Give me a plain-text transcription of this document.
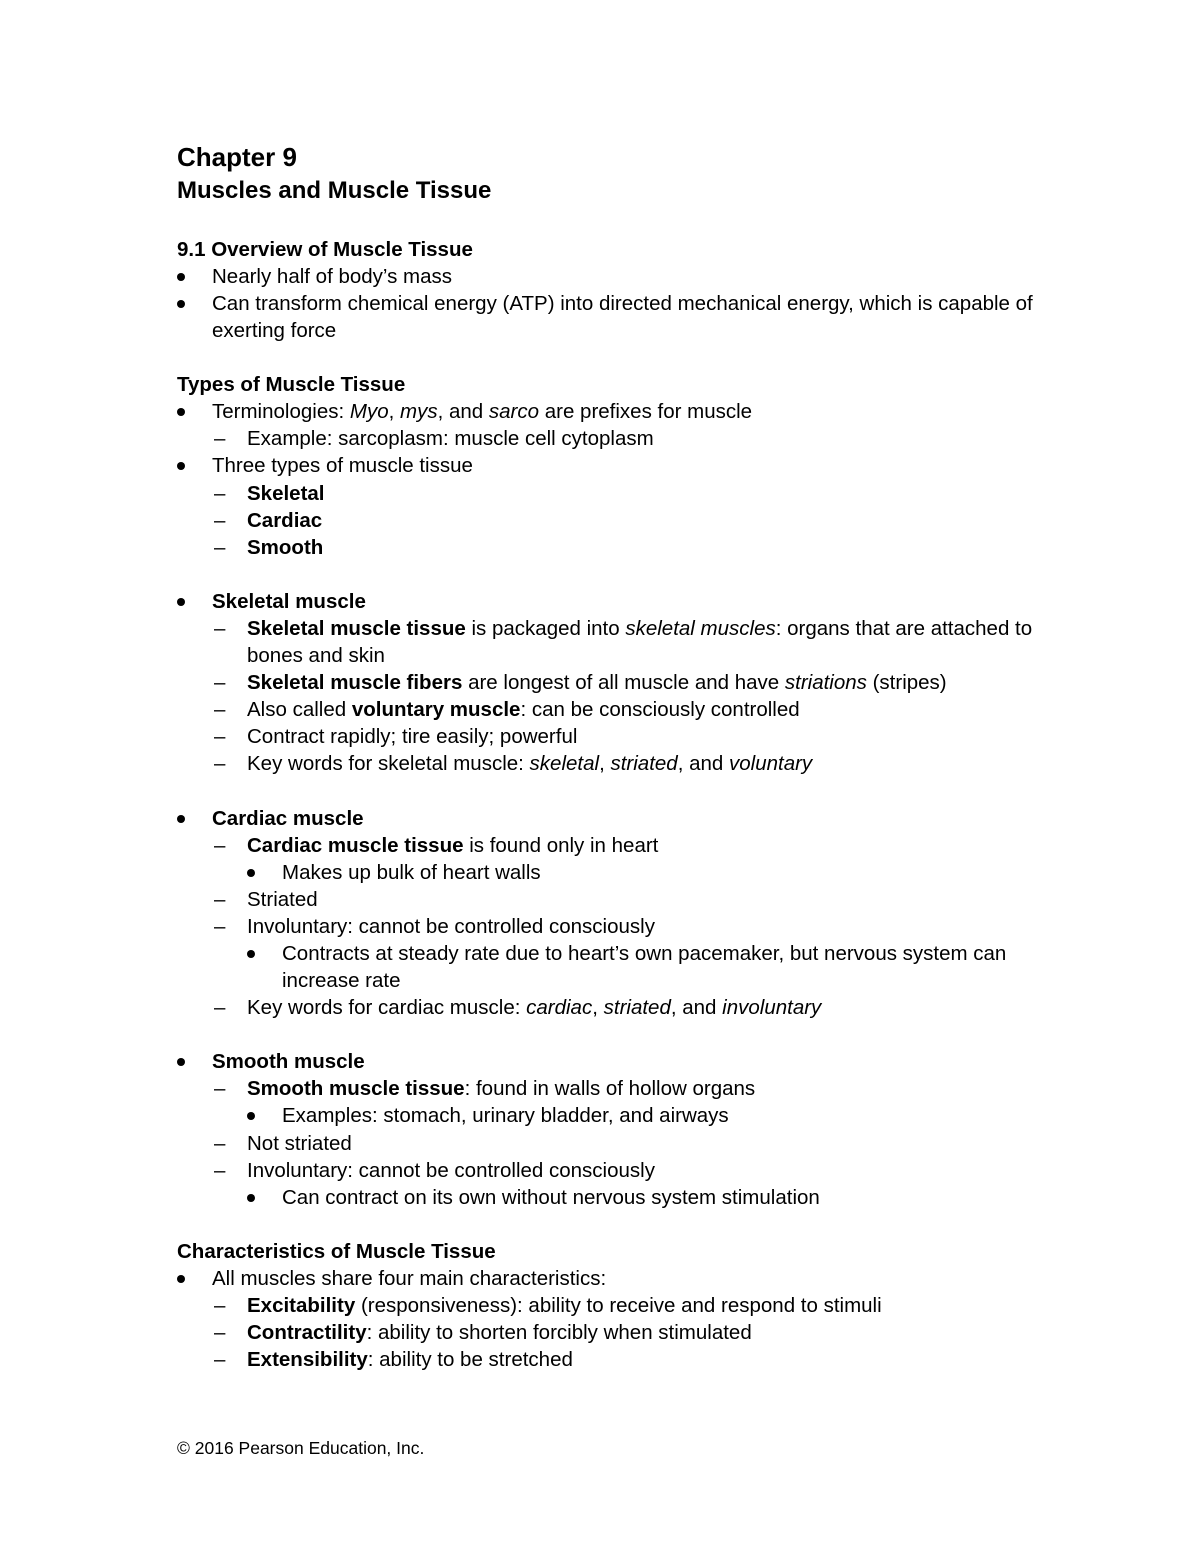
Chapter 9
Muscles and Muscle Tissue
9.1 Overview of Muscle Tissue
Nearly half of body’s mass
Can transform chemical energy (ATP) into directed mechanical energy, which is capable of exerting force
Types of Muscle Tissue
Terminologies: Myo, mys, and sarco are prefixes for muscle
– Example: sarcoplasm: muscle cell cytoplasm
Three types of muscle tissue
– Skeletal
– Cardiac
– Smooth
Skeletal muscle
– Skeletal muscle tissue is packaged into skeletal muscles: organs that are attached to bones and skin
– Skeletal muscle fibers are longest of all muscle and have striations (stripes)
– Also called voluntary muscle: can be consciously controlled
– Contract rapidly; tire easily; powerful
– Key words for skeletal muscle: skeletal, striated, and voluntary
Cardiac muscle
– Cardiac muscle tissue is found only in heart
Makes up bulk of heart walls
– Striated
– Involuntary: cannot be controlled consciously
Contracts at steady rate due to heart’s own pacemaker, but nervous system can increase rate
– Key words for cardiac muscle: cardiac, striated, and involuntary
Smooth muscle
– Smooth muscle tissue: found in walls of hollow organs
Examples: stomach, urinary bladder, and airways
– Not striated
– Involuntary: cannot be controlled consciously
Can contract on its own without nervous system stimulation
Characteristics of Muscle Tissue
All muscles share four main characteristics:
– Excitability (responsiveness): ability to receive and respond to stimuli
– Contractility: ability to shorten forcibly when stimulated
– Extensibility: ability to be stretched
© 2016 Pearson Education, Inc.
